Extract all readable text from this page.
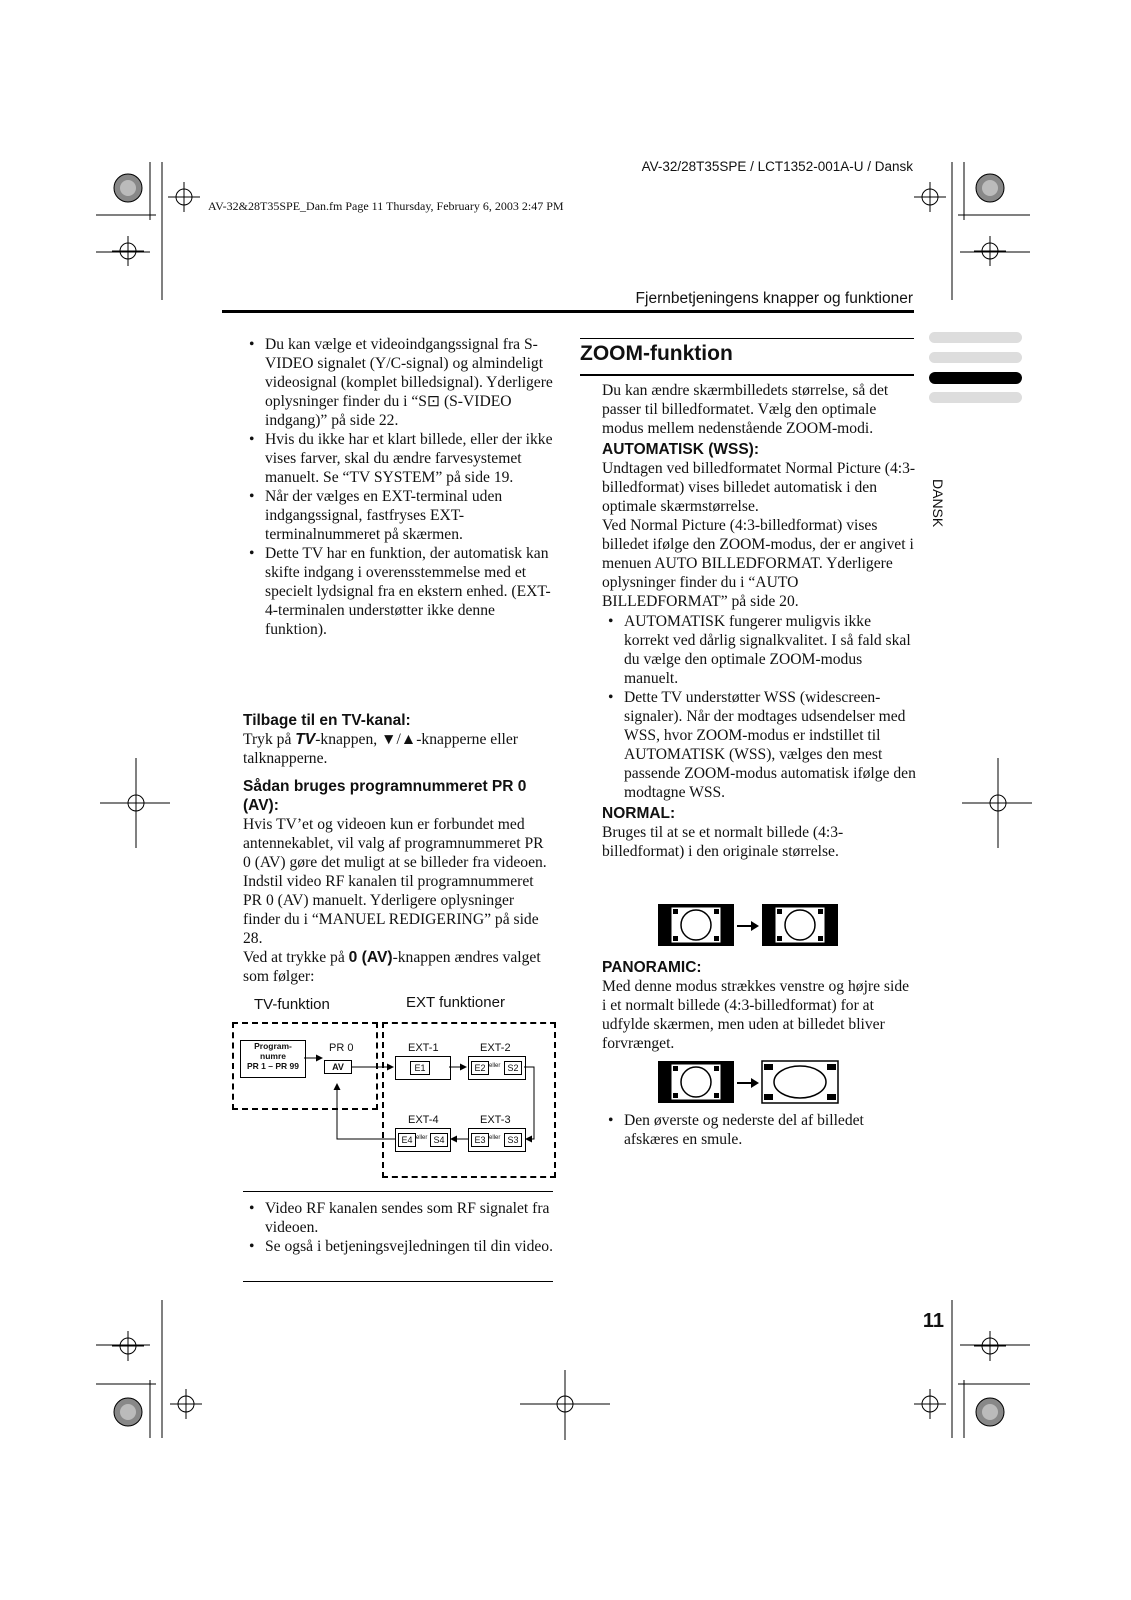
AV-32/28T35SPE / LCT1352-001A-U / Dansk
AV-32&28T35SPE_Dan.fm Page 11 Thursday, February 6, 2003 2:47 PM
Fjernbetjeningens knapper og funktioner
DANSK
• Du kan vælge et videoindgangssignal fra S-VIDEO signalet (Y/C-signal) og almindeligt videosignal (komplet billedsignal). Yderligere oplysninger finder du i “S⊡ (S-VIDEO indgang)” på side 22.
• Hvis du ikke har et klart billede, eller der ikke vises farver, skal du ændre farvesystemet manuelt. Se “TV SYSTEM” på side 19.
• Når der vælges en EXT-terminal uden indgangssignal, fastfryses EXT-terminalnummeret på skærmen.
• Dette TV har en funktion, der automatisk kan skifte indgang i overensstemmelse med et specielt lydsignal fra en ekstern enhed. (EXT-4-terminalen understøtter ikke denne funktion).

Tilbage til en TV-kanal:

Tryk på TV-knappen, ▼/▲-knapperne eller talknapperne.

Sådan bruges programnummeret PR 0 (AV):

Hvis TV’et og videoen kun er forbundet med antennekablet, vil valg af programnummeret PR 0 (AV) gøre det muligt at se billeder fra videoen. Indstil video RF kanalen til programnummeret PR 0 (AV) manuelt. Yderligere oplysninger finder du i “MANUEL REDIGERING” på side 28.

Ved at trykke på 0 (AV)-knappen ændres valget som følger:

TV-funktion	EXT funktioner
Program-
numre
PR 1 – PR 99
PR 0
AV
EXT-1
E1
EXT-2
E2 eller S2
EXT-4
E4 eller S4
EXT-3
E3 eller S3
• Video RF kanalen sendes som RF signalet fra videoen.
• Se også i betjeningsvejledningen til din video.
ZOOM-funktion

Du kan ændre skærmbilledets størrelse, så det passer til billedformatet. Vælg den optimale modus mellem nedenstående ZOOM-modi.

AUTOMATISK (WSS):

Undtagen ved billedformatet Normal Picture (4:3-billedformat) vises billedet automatisk i den optimale skærmstørrelse.

Ved Normal Picture (4:3-billedformat) vises billedet ifølge den ZOOM-modus, der er angivet i menuen AUTO BILLEDFORMAT. Yderligere oplysninger finder du i “AUTO BILLEDFORMAT” på side 20.

• AUTOMATISK fungerer muligvis ikke korrekt ved dårlig signalkvalitet. I så fald skal du vælge den optimale ZOOM-modus manuelt.
• Dette TV understøtter WSS (widescreen-signaler). Når der modtages udsendelser med WSS, hvor ZOOM-modus er indstillet til AUTOMATISK (WSS), vælges den mest passende ZOOM-modus automatisk ifølge den modtagne WSS.

NORMAL:

Bruges til at se et normalt billede (4:3-billedformat) i den originale størrelse.

PANORAMIC:

Med denne modus strækkes venstre og højre side i et normalt billede (4:3-billedformat) for at udfylde skærmen, men uden at billedet bliver forvrænget.

• Den øverste og nederste del af billedet afskæres en smule.
11
